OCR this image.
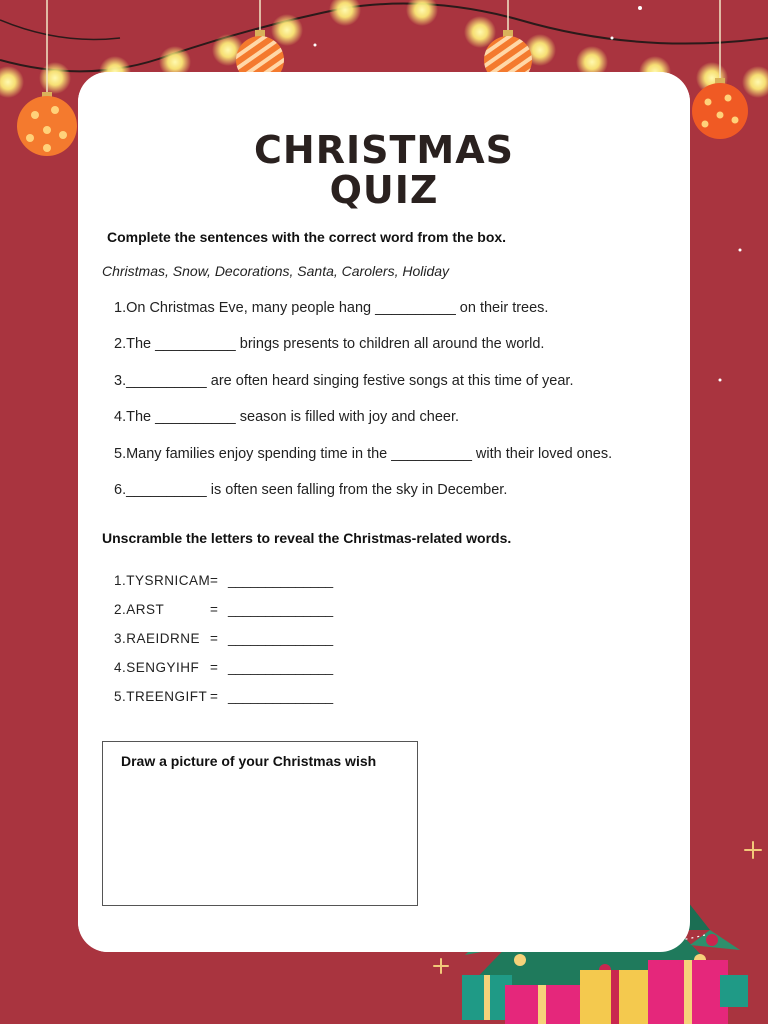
CHRISTMAS
QUIZ
Complete the sentences with the correct word from the box.
Christmas, Snow, Decorations, Santa, Carolers, Holiday
1.On Christmas Eve, many people hang __________ on their trees.
2.The __________ brings presents to children all around the world.
3.__________ are often heard singing festive songs at this time of year.
4.The __________ season is filled with joy and cheer.
5.Many families enjoy spending time in the __________ with their loved ones.
6.__________ is often seen falling from the sky in December.
Unscramble the letters to reveal the Christmas-related words.
1.TYSRNICAM= ______________
2.ARST	= ______________
3.RAEIDRNE = ______________
4.SENGYIHF = ______________
5.TREENGIFT = ______________
Draw a picture of your Christmas wish
